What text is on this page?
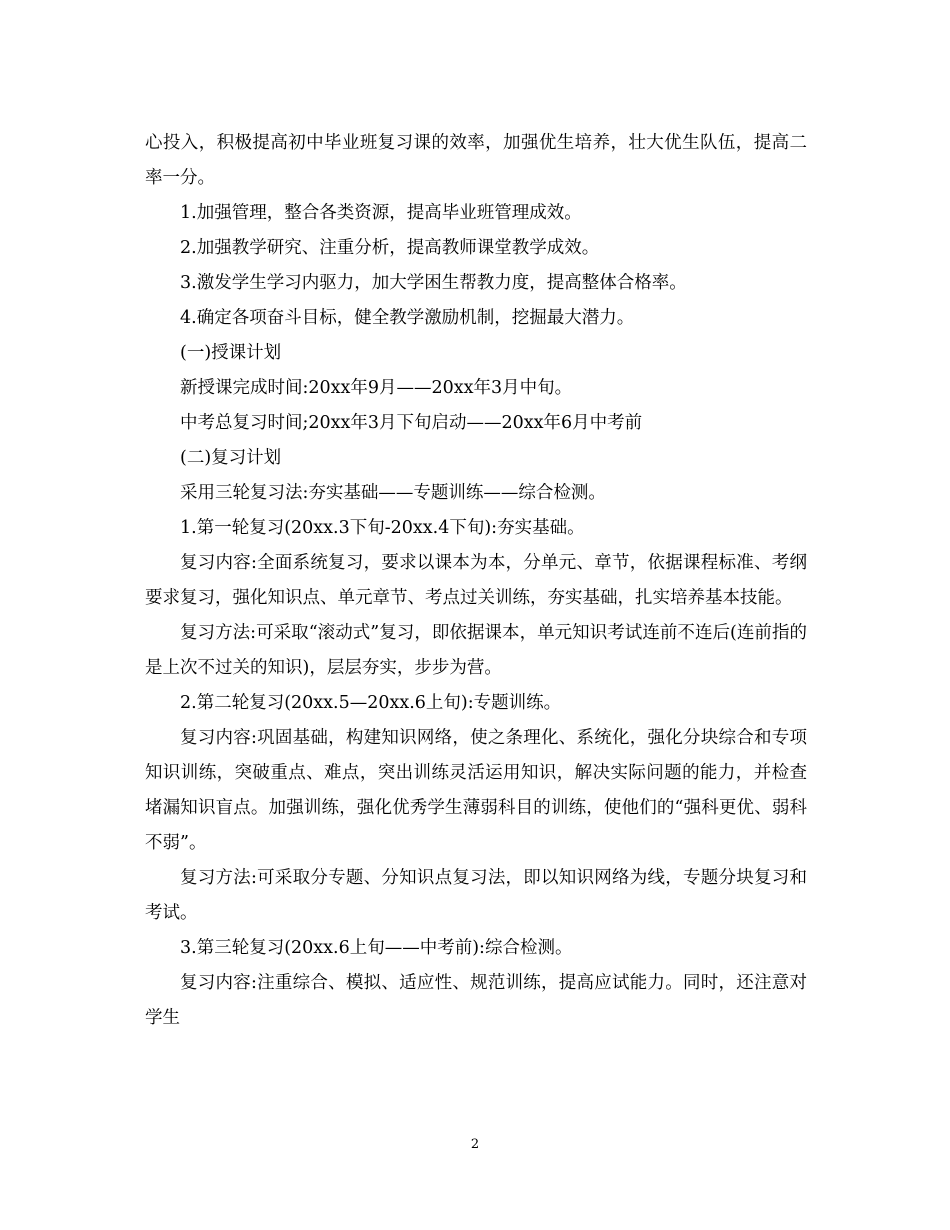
心投入，积极提高初中毕业班复习课的效率，加强优生培养，壮大优生队伍，提高二率一分。

1.加强管理，整合各类资源，提高毕业班管理成效。

2.加强教学研究、注重分析，提高教师课堂教学成效。

3.激发学生学习内驱力，加大学困生帮教力度，提高整体合格率。

4.确定各项奋斗目标，健全教学激励机制，挖掘最大潜力。

(一)授课计划

新授课完成时间:20xx年9月——20xx年3月中旬。

中考总复习时间;20xx年3月下旬启动——20xx年6月中考前

(二)复习计划

采用三轮复习法:夯实基础——专题训练——综合检测。

1.第一轮复习(20xx.3下旬-20xx.4下旬):夯实基础。

复习内容:全面系统复习，要求以课本为本，分单元、章节，依据课程标准、考纲要求复习，强化知识点、单元章节、考点过关训练，夯实基础，扎实培养基本技能。

复习方法:可采取“滚动式”复习，即依据课本，单元知识考试连前不连后(连前指的是上次不过关的知识)，层层夯实，步步为营。

2.第二轮复习(20xx.5—20xx.6上旬):专题训练。

复习内容:巩固基础，构建知识网络，使之条理化、系统化，强化分块综合和专项知识训练，突破重点、难点，突出训练灵活运用知识，解决实际问题的能力，并检查堵漏知识盲点。加强训练，强化优秀学生薄弱科目的训练，使他们的“强科更优、弱科不弱”。

复习方法:可采取分专题、分知识点复习法，即以知识网络为线，专题分块复习和考试。

3.第三轮复习(20xx.6上旬——中考前):综合检测。

复习内容:注重综合、模拟、适应性、规范训练，提高应试能力。同时，还注意对学生

2
